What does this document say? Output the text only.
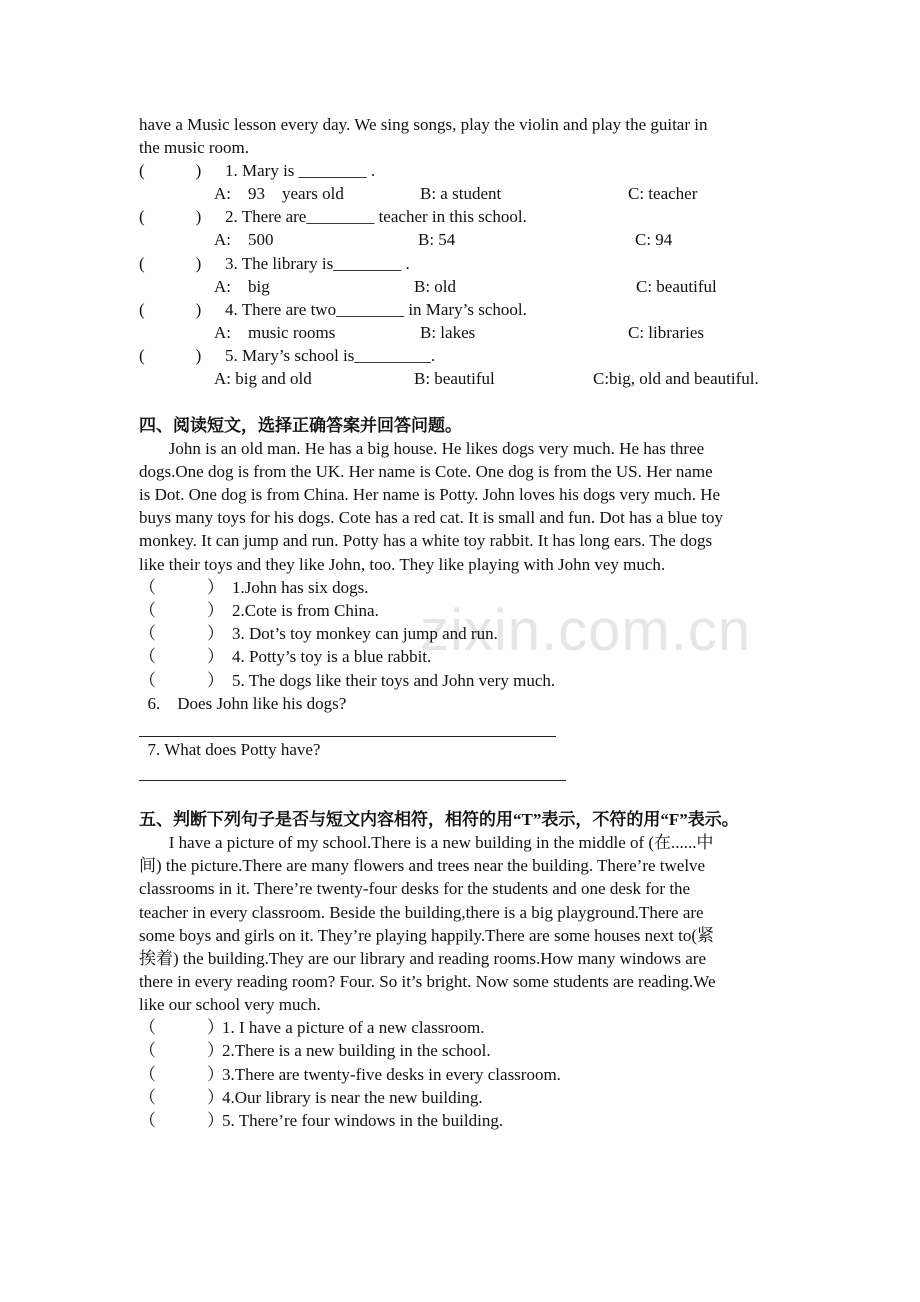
zixin.com.cn
have a Music lesson every day. We sing songs, play the violin and play the guitar in
the music room.
(            ) 1. Mary is ________ .
A:    93    years old	B: a student	C: teacher
(            ) 2. There are________ teacher in this school.
A:    500	B: 54	C: 94
(            ) 3. The library is________ .
A:    big	B: old	C: beautiful
(            ) 4. There are two________ in Mary’s school.
A:    music rooms	B: lakes	C: libraries
(            ) 5. Mary’s school is_________.
A: big and old	B: beautiful	C:big, old and beautiful.
四、阅读短文，选择正确答案并回答问题。
John is an old man. He has a big house. He likes dogs very much. He has three
dogs.One dog is from the UK. Her name is Cote. One dog is from the US. Her name
is Dot. One dog is from China. Her name is Potty. John loves his dogs very much. He
buys many toys for his dogs. Cote has a red cat. It is small and fun. Dot has a blue toy
monkey. It can jump and run. Potty has a white toy rabbit. It has long ears. The dogs
like their toys and they like John, too. They like playing with John vey much.
（            ） 1.John has six dogs.
（            ） 2.Cote is from China.
（            ） 3. Dot’s toy monkey can jump and run.
（            ） 4. Potty’s toy is a blue rabbit.
（            ） 5. The dogs like their toys and John very much.
6.    Does John like his dogs?
7. What does Potty have?
五、判断下列句子是否与短文内容相符，相符的用“T”表示，不符的用“F”表示。
I have a picture of my school.There is a new building in the middle of (在......中
间) the picture.There are many flowers and trees near the building. There’re twelve
classrooms in it. There’re twenty-four desks for the students and one desk for the
teacher in every classroom. Beside the building,there is a big playground.There are
some boys and girls on it. They’re playing happily.There are some houses next to(紧
挨着) the building.They are our library and reading rooms.How many windows are
there in every reading room? Four. So it’s bright. Now some students are reading.We
like our school very much.
（            ）
1. I have a picture of a new classroom.
（            ）
2.There is a new building in the school.
（            ）
3.There are twenty-five desks in every classroom.
（            ）
4.Our library is near the new building.
（            ）
5. There’re four windows in the building.
